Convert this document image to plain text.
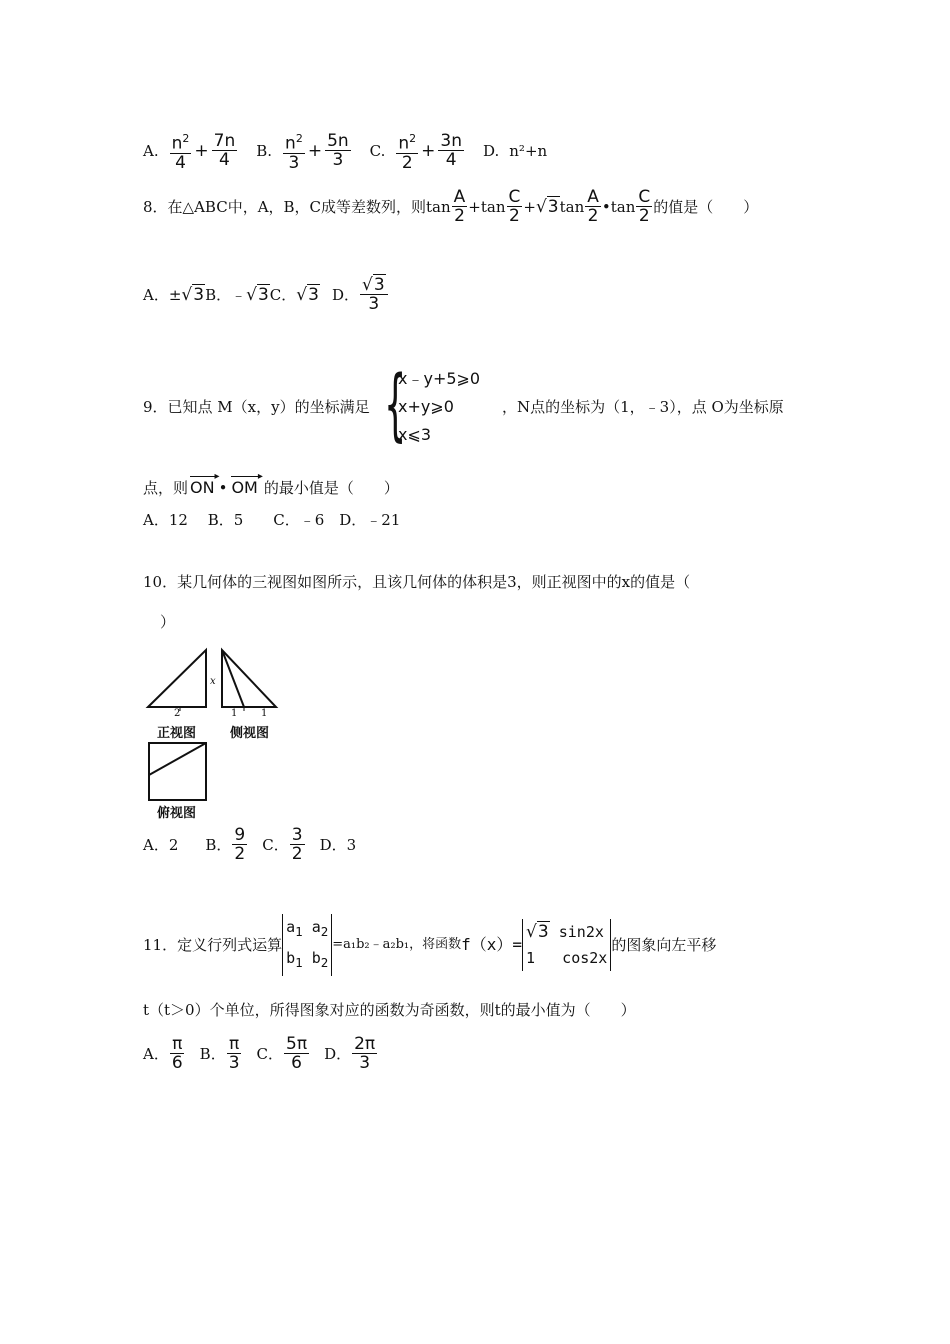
A. $\frac{n^2}{4} + \frac{7n}{4} B$. $\frac{n^2}{3} + \frac{5n}{3} C$. $\frac{n^2}{2} + \frac{3n}{4} D$. n²+n
8．在△ABC中，A，B，C成等差数列，则$\tan \frac{A}{2} +\tan \frac{C}{2} + √3$ $\tan \frac{A}{2}$ •tan $\frac{C}{2}$ 的值是（　　）
A．± √3 B．﹣ √3 C． √3 D． $\frac{√3}{3}$
9．已知点 M（x，y）的坐标满足 {
x﹣y+5⩾0
x+y⩾0
x⩽3
，N点的坐标为（1，﹣3），点 O为坐标原
点，则 ON ▸ • OM ▸ 的最小值是（　　）
A．12　 B．5　　C．﹣6　D．﹣21
10．某几何体的三视图如图所示，且该几何体的体积是3，则正视图中的x的值是（
）
x
2	1 1
正视图	侧视图
俯视图
A．2　 B． $\frac{9}{2}$ C． $\frac{3}{2}$ D．3
11．定义行列式运算
$a_1$ $a_2$
$b_1$ $b_2$
=a₁b₂﹣a₂b₁，将函数 f（x）=
√3 sin2x
1 cos2x
的图象向左平移
t（t＞0）个单位，所得图象对应的函数为奇函数，则t的最小值为（　　）
A． $\frac{\pi}{6}$ B． $\frac{\pi}{3}$ C． $\frac{5\pi}{6}$ D． $\frac{2\pi}{3}$
